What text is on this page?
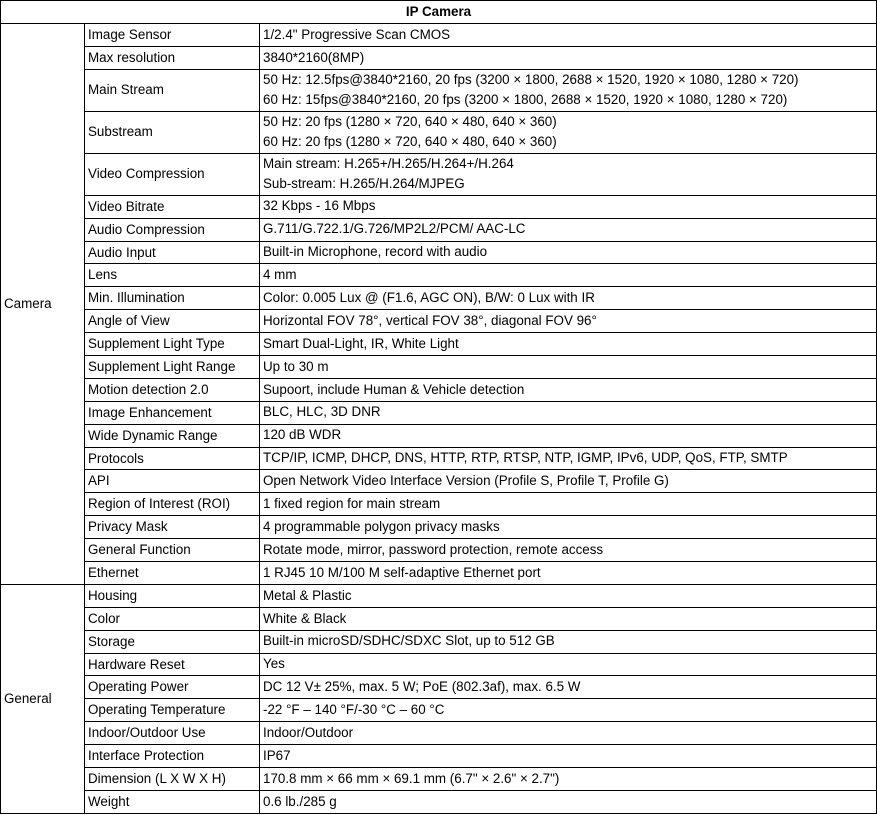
IP Camera		
Camera	Image Sensor	1/2.4" Progressive Scan CMOS

	Max resolution	3840*2160(8MP)

	Main Stream	50 Hz: 12.5fps@3840*2160, 20 fps (3200 × 1800, 2688 × 1520, 1920 × 1080, 1280 × 720)
60 Hz: 15fps@3840*2160, 20 fps (3200 × 1800, 2688 × 1520, 1920 × 1080, 1280 × 720)

	Substream	50 Hz: 20 fps (1280 × 720, 640 × 480, 640 × 360)
60 Hz: 20 fps (1280 × 720, 640 × 480, 640 × 360)

	Video Compression	Main stream: H.265+/H.265/H.264+/H.264
Sub-stream: H.265/H.264/MJPEG

	Video Bitrate	32 Kbps - 16 Mbps

	Audio Compression	G.711/G.722.1/G.726/MP2L2/PCM/ AAC-LC

	Audio Input	Built-in Microphone, record with audio

	Lens	4 mm

	Min. Illumination	Color: 0.005 Lux @ (F1.6, AGC ON), B/W: 0 Lux with IR

	Angle of View	Horizontal FOV 78°, vertical FOV 38°, diagonal FOV 96°

	Supplement Light Type	Smart Dual-Light, IR, White Light

	Supplement Light Range	Up to 30 m

	Motion detection 2.0	Supoort, include Human & Vehicle detection

	Image Enhancement	BLC, HLC, 3D DNR

	Wide Dynamic Range	120 dB WDR

	Protocols	TCP/IP, ICMP, DHCP, DNS, HTTP, RTP, RTSP, NTP, IGMP, IPv6, UDP, QoS, FTP, SMTP

	API	Open Network Video Interface Version (Profile S, Profile T, Profile G)

	Region of Interest (ROI)	1 fixed region for main stream

	Privacy Mask	4 programmable polygon privacy masks

	General Function	Rotate mode, mirror, password protection, remote access

	Ethernet	1 RJ45 10 M/100 M self-adaptive Ethernet port

General	Housing	Metal & Plastic

	Color	White & Black

	Storage	Built-in microSD/SDHC/SDXC Slot, up to 512 GB

	Hardware Reset	Yes

	Operating Power	DC 12 V± 25%, max. 5 W; PoE (802.3af), max. 6.5 W

	Operating Temperature	-22 °F – 140 °F/-30 °C – 60 °C

	Indoor/Outdoor Use	Indoor/Outdoor

	Interface Protection	IP67

	Dimension (L X W X H)	170.8 mm × 66 mm × 69.1 mm (6.7" × 2.6" × 2.7")

	Weight	0.6 lb./285 g
